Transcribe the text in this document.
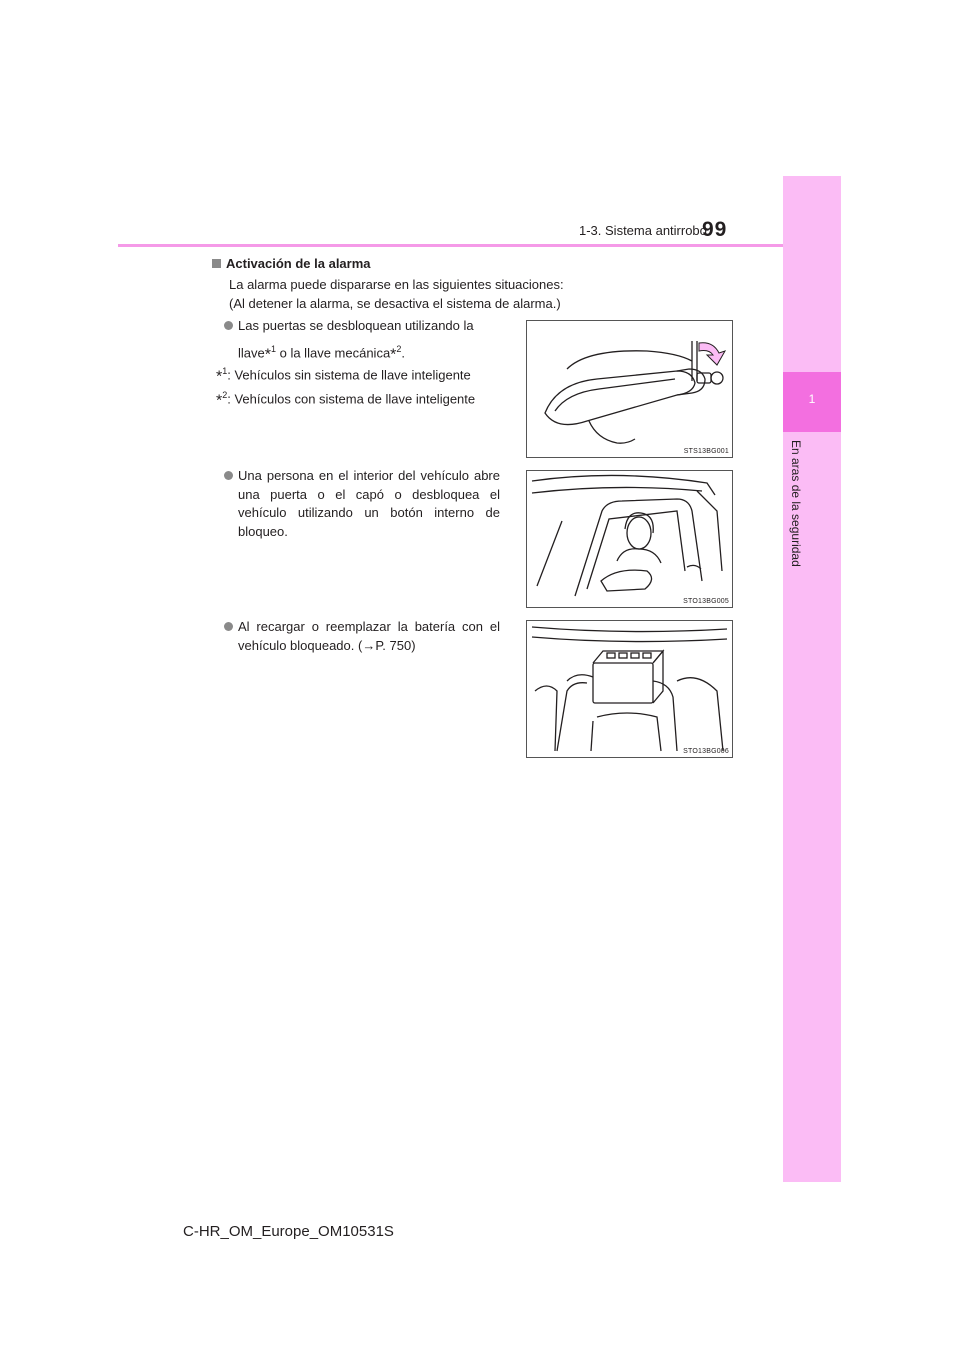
1
En aras de la seguridad
1-3. Sistema antirrobo
99
Activación de la alarma
La alarma puede dispararse en las siguientes situaciones:
(Al detener la alarma, se desactiva el sistema de alarma.)
Las puertas se desbloquean utilizando la
llave*$^1$ o la llave mecánica*$^2$.
*$^1$: Vehículos sin sistema de llave inteligente
*$^2$: Vehículos con sistema de llave inteligente
Una persona en el interior del vehículo abre una puerta o el capó o desbloquea el vehículo utilizando un botón interno de bloqueo.
Al recargar o reemplazar la batería con el vehículo bloqueado. (→P. 750)
STS13BG001
STO13BG005
STO13BG006
C-HR_OM_Europe_OM10531S
